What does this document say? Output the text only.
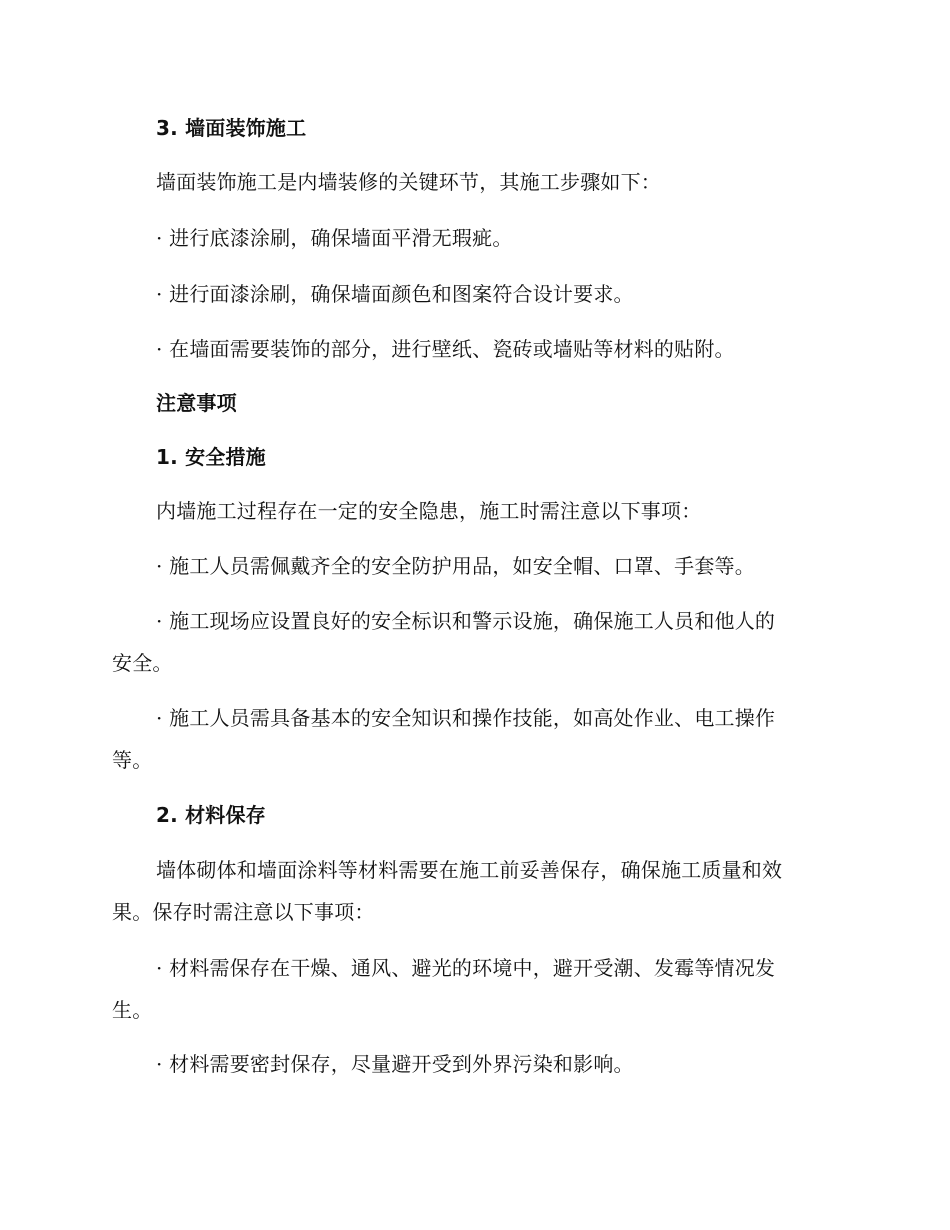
3. 墙面装饰施工
墙面装饰施工是内墙装修的关键环节，其施工步骤如下：
· 进行底漆涂刷，确保墙面平滑无瑕疵。
· 进行面漆涂刷，确保墙面颜色和图案符合设计要求。
· 在墙面需要装饰的部分，进行壁纸、瓷砖或墙贴等材料的贴附。
注意事项
1. 安全措施
内墙施工过程存在一定的安全隐患，施工时需注意以下事项：
· 施工人员需佩戴齐全的安全防护用品，如安全帽、口罩、手套等。
· 施工现场应设置良好的安全标识和警示设施，确保施工人员和他人的
安全。
· 施工人员需具备基本的安全知识和操作技能，如高处作业、电工操作
等。
2. 材料保存
墙体砌体和墙面涂料等材料需要在施工前妥善保存，确保施工质量和效
果。保存时需注意以下事项：
· 材料需保存在干燥、通风、避光的环境中，避开受潮、发霉等情况发
生。
· 材料需要密封保存，尽量避开受到外界污染和影响。
